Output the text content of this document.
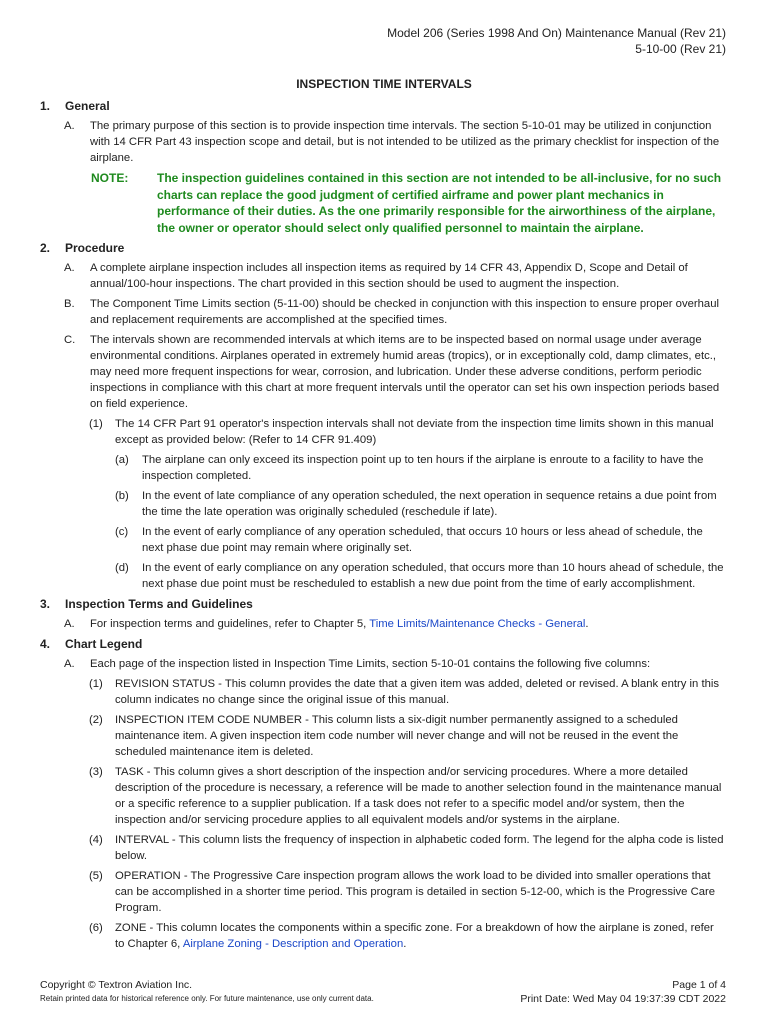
Model 206 (Series 1998 And On) Maintenance Manual (Rev 21)
5-10-00 (Rev 21)
INSPECTION TIME INTERVALS
1.	General
A.	The primary purpose of this section is to provide inspection time intervals. The section 5-10-01 may be utilized in conjunction with 14 CFR Part 43 inspection scope and detail, but is not intended to be utilized as the primary checklist for inspection of the airplane.
NOTE:	The inspection guidelines contained in this section are not intended to be all-inclusive, for no such charts can replace the good judgment of certified airframe and power plant mechanics in performance of their duties. As the one primarily responsible for the airworthiness of the airplane, the owner or operator should select only qualified personnel to maintain the airplane.
2.	Procedure
A.	A complete airplane inspection includes all inspection items as required by 14 CFR 43, Appendix D, Scope and Detail of annual/100-hour inspections. The chart provided in this section should be used to augment the inspection.
B.	The Component Time Limits section (5-11-00) should be checked in conjunction with this inspection to ensure proper overhaul and replacement requirements are accomplished at the specified times.
C.	The intervals shown are recommended intervals at which items are to be inspected based on normal usage under average environmental conditions. Airplanes operated in extremely humid areas (tropics), or in exceptionally cold, damp climates, etc., may need more frequent inspections for wear, corrosion, and lubrication. Under these adverse conditions, perform periodic inspections in compliance with this chart at more frequent intervals until the operator can set his own inspection periods based on field experience.
(1)	The 14 CFR Part 91 operator's inspection intervals shall not deviate from the inspection time limits shown in this manual except as provided below: (Refer to 14 CFR 91.409)
(a)	The airplane can only exceed its inspection point up to ten hours if the airplane is enroute to a facility to have the inspection completed.
(b)	In the event of late compliance of any operation scheduled, the next operation in sequence retains a due point from the time the late operation was originally scheduled (reschedule if late).
(c)	In the event of early compliance of any operation scheduled, that occurs 10 hours or less ahead of schedule, the next phase due point may remain where originally set.
(d)	In the event of early compliance on any operation scheduled, that occurs more than 10 hours ahead of schedule, the next phase due point must be rescheduled to establish a new due point from the time of early accomplishment.
3.	Inspection Terms and Guidelines
A.	For inspection terms and guidelines, refer to Chapter 5, Time Limits/Maintenance Checks - General.
4.	Chart Legend
A.	Each page of the inspection listed in Inspection Time Limits, section 5-10-01 contains the following five columns:
(1)	REVISION STATUS - This column provides the date that a given item was added, deleted or revised. A blank entry in this column indicates no change since the original issue of this manual.
(2)	INSPECTION ITEM CODE NUMBER - This column lists a six-digit number permanently assigned to a scheduled maintenance item. A given inspection item code number will never change and will not be reused in the event the scheduled maintenance item is deleted.
(3)	TASK - This column gives a short description of the inspection and/or servicing procedures. Where a more detailed description of the procedure is necessary, a reference will be made to another selection found in the maintenance manual or a specific reference to a supplier publication. If a task does not refer to a specific model and/or system, then the inspection and/or servicing procedure applies to all equivalent models and/or systems in the airplane.
(4)	INTERVAL - This column lists the frequency of inspection in alphabetic coded form. The legend for the alpha code is listed below.
(5)	OPERATION - The Progressive Care inspection program allows the work load to be divided into smaller operations that can be accomplished in a shorter time period. This program is detailed in section 5-12-00, which is the Progressive Care Program.
(6)	ZONE - This column locates the components within a specific zone. For a breakdown of how the airplane is zoned, refer to Chapter 6, Airplane Zoning - Description and Operation.
Copyright © Textron Aviation Inc.
Retain printed data for historical reference only. For future maintenance, use only current data.
Page 1 of 4
Print Date: Wed May 04 19:37:39 CDT 2022
